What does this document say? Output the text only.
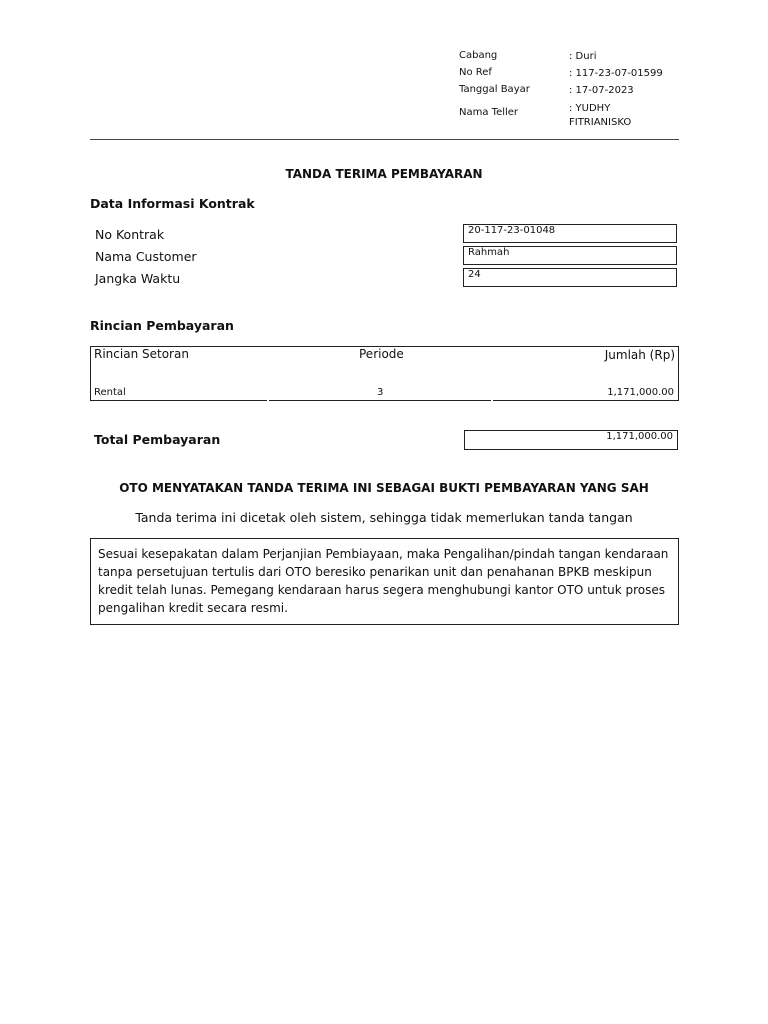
Cabang	: Duri
No Ref	: 117-23-07-01599
Tanggal Bayar	: 17-07-2023
Nama Teller	: YUDHY
FITRIANISKO
TANDA TERIMA PEMBAYARAN
Data Informasi Kontrak
No Kontrak	20-117-23-01048
Nama Customer	Rahmah
Jangka Waktu	24
Rincian Pembayaran
Rincian Setoran	Periode	Jumlah (Rp)
Rental	3	1,171,000.00
Total Pembayaran	1,171,000.00
OTO MENYATAKAN TANDA TERIMA INI SEBAGAI BUKTI PEMBAYARAN YANG SAH
Tanda terima ini dicetak oleh sistem, sehingga tidak memerlukan tanda tangan
Sesuai kesepakatan dalam Perjanjian Pembiayaan, maka Pengalihan/pindah tangan kendaraan tanpa persetujuan tertulis dari OTO beresiko penarikan unit dan penahanan BPKB meskipun kredit telah lunas. Pemegang kendaraan harus segera menghubungi kantor OTO untuk proses pengalihan kredit secara resmi.
